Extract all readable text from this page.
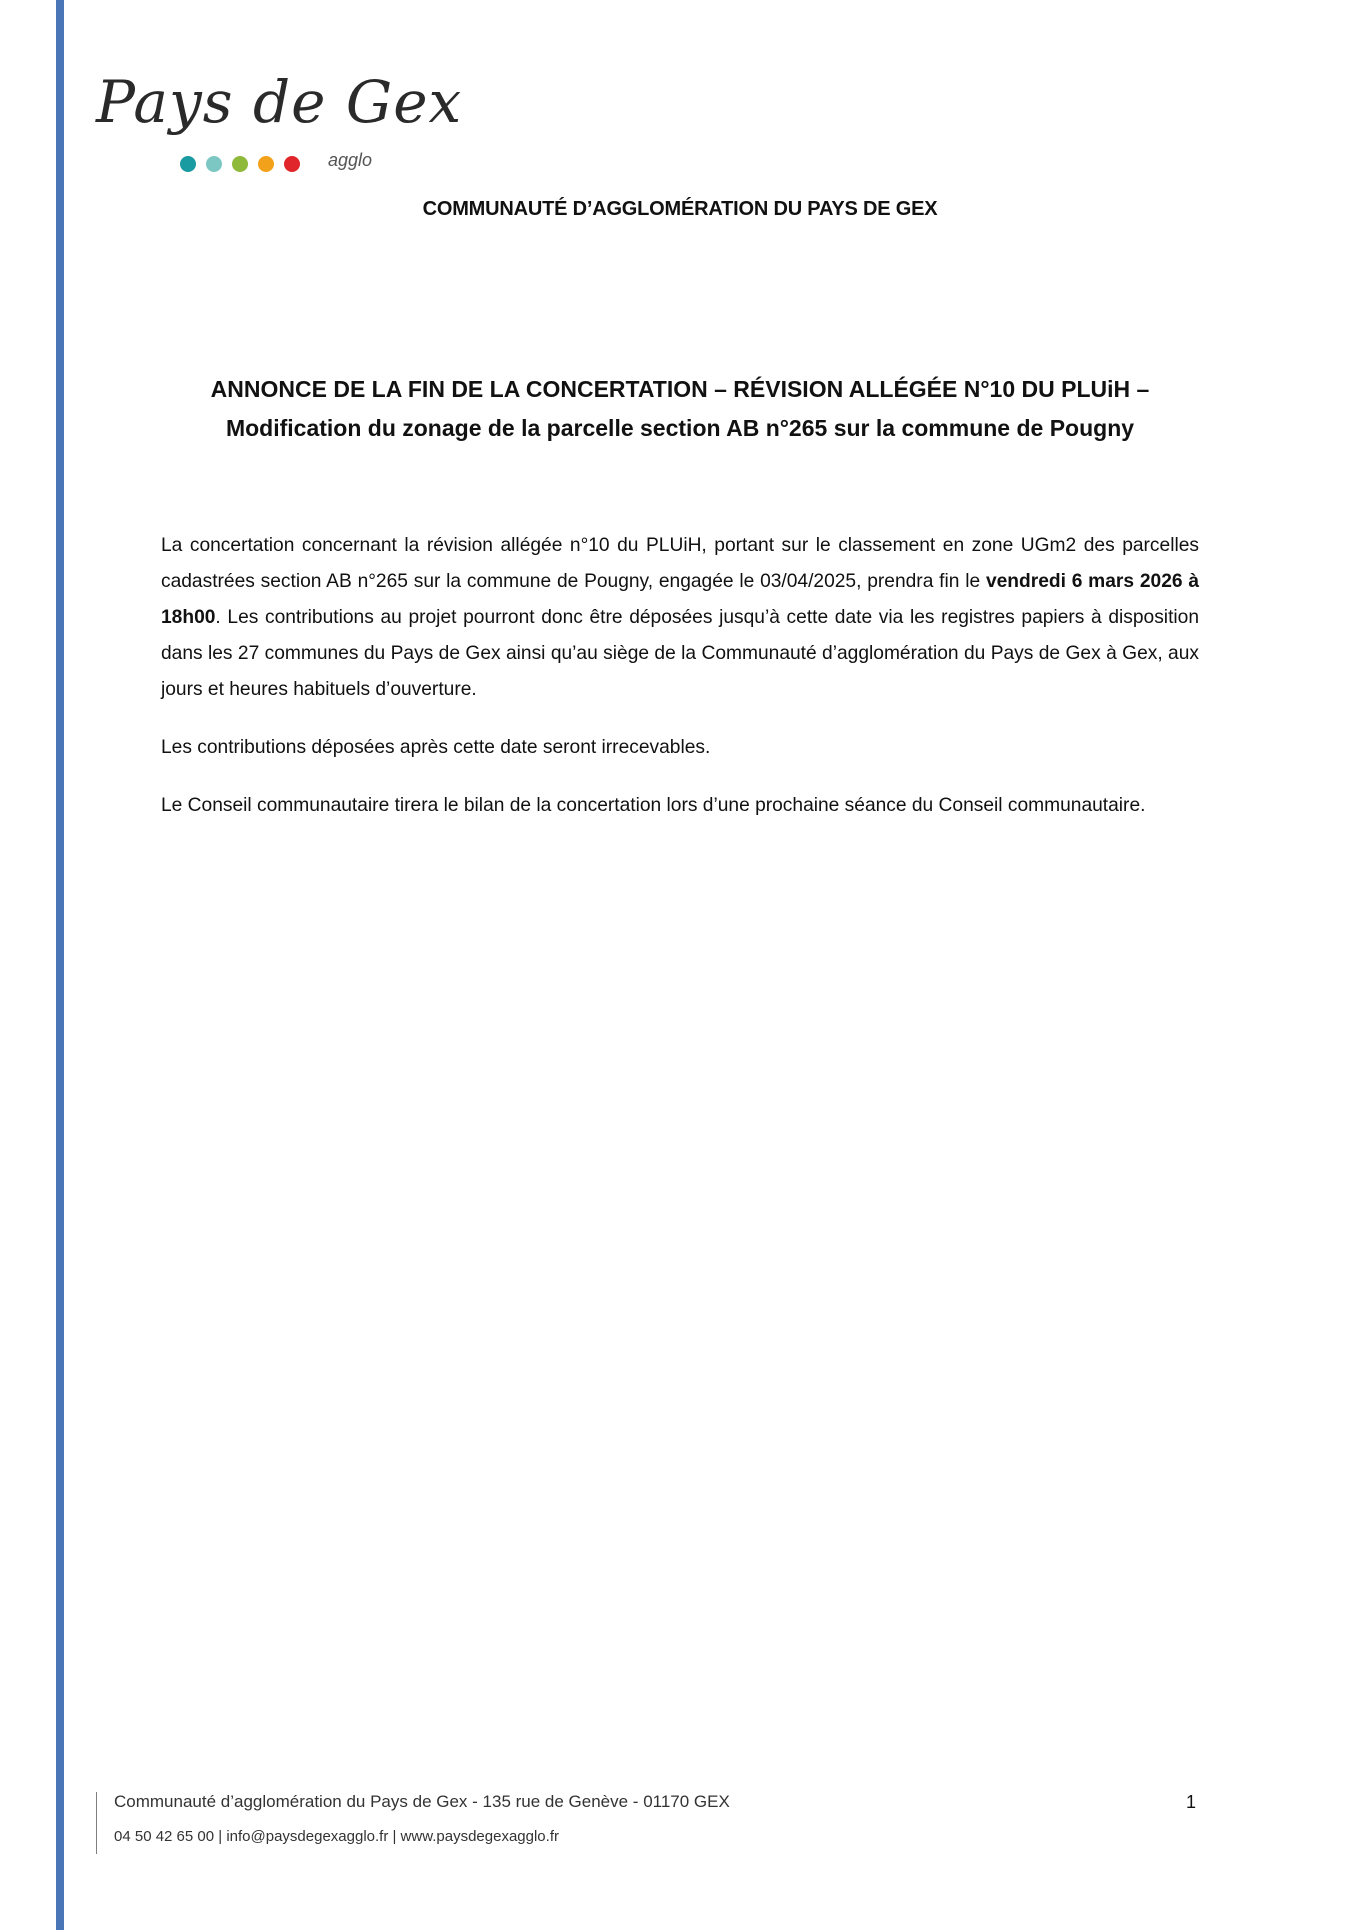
Pays de Gex
agglo
COMMUNAUTÉ D’AGGLOMÉRATION DU PAYS DE GEX
ANNONCE DE LA FIN DE LA CONCERTATION – RÉVISION ALLÉGÉE N°10 DU PLUiH –
Modification du zonage de la parcelle section AB n°265 sur la commune de Pougny

La concertation concernant la révision allégée n°10 du PLUiH, portant sur le classement en zone UGm2 des parcelles cadastrées section AB n°265 sur la commune de Pougny, engagée le 03/04/2025, prendra fin le vendredi 6 mars 2026 à 18h00. Les contributions au projet pourront donc être déposées jusqu’à cette date via les registres papiers à disposition dans les 27 communes du Pays de Gex ainsi qu’au siège de la Communauté d’agglomération du Pays de Gex à Gex, aux jours et heures habituels d’ouverture.

Les contributions déposées après cette date seront irrecevables.

Le Conseil communautaire tirera le bilan de la concertation lors d’une prochaine séance du Conseil communautaire.

Communauté d’agglomération du Pays de Gex - 135 rue de Genève - 01170 GEX
04 50 42 65 00 | info@paysdegexagglo.fr | www.paysdegexagglo.fr
1
